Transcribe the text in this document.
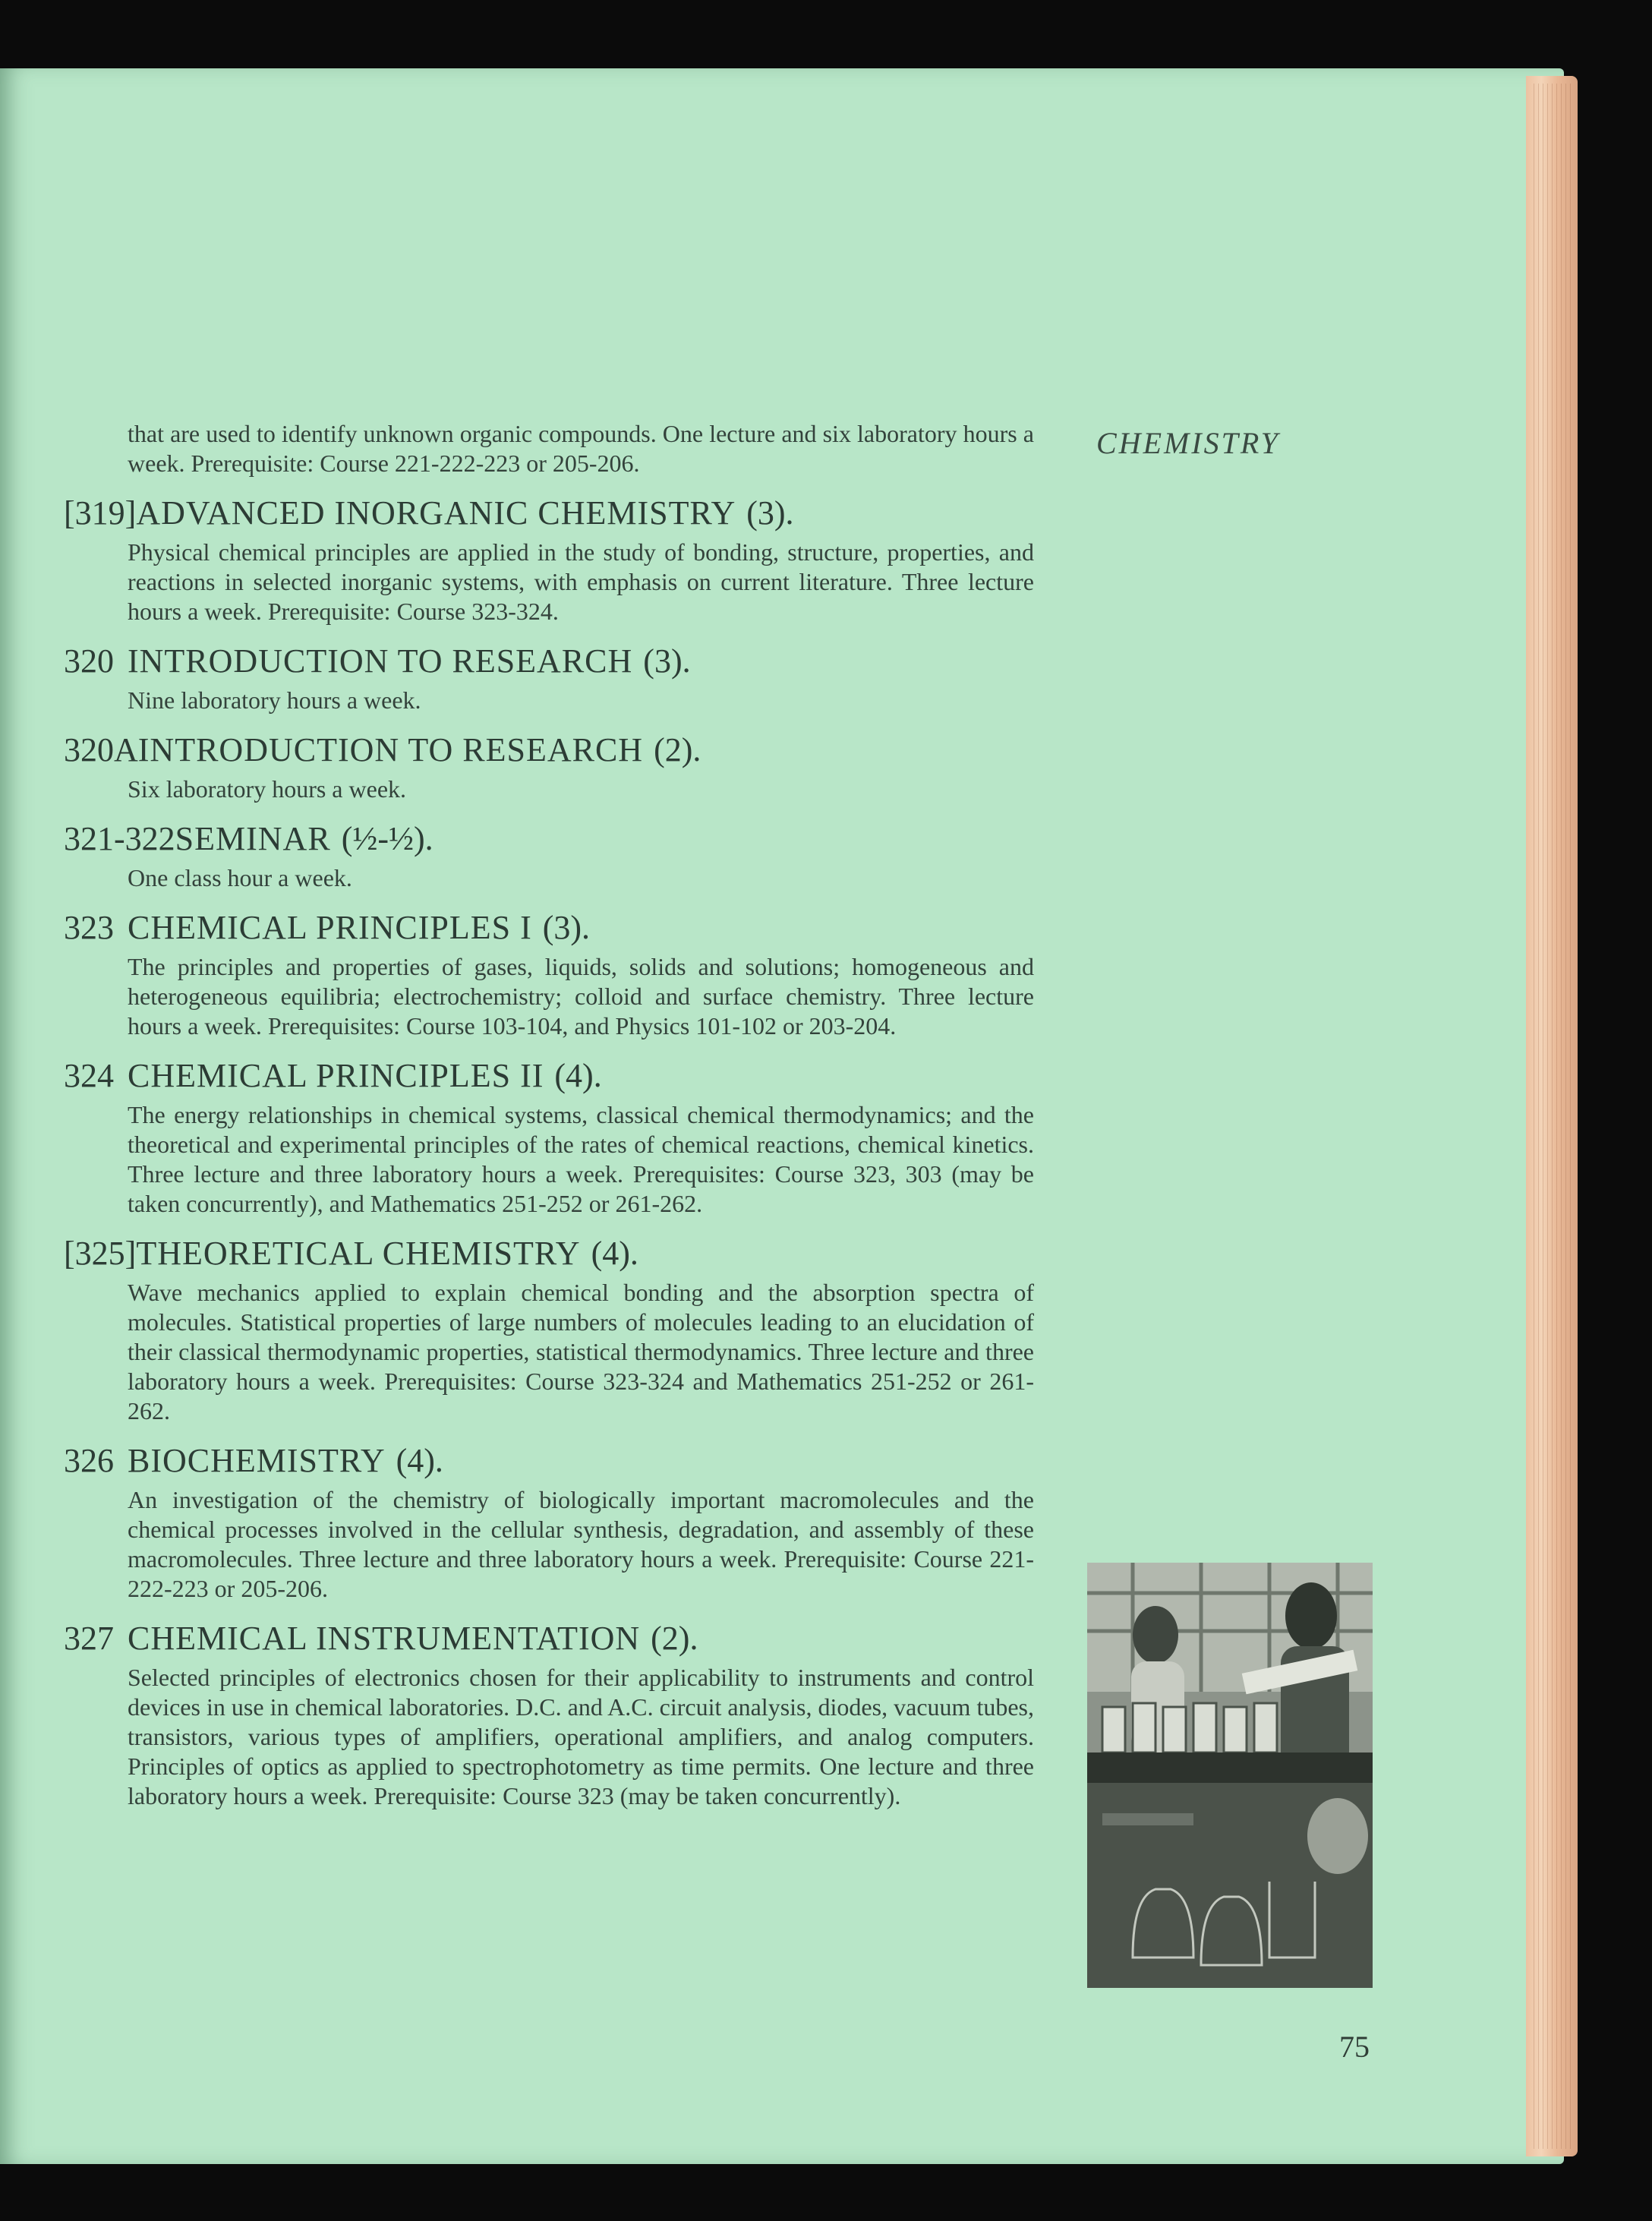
CHEMISTRY

that are used to identify unknown organic compounds. One lecture and six laboratory hours a week. Prerequisite: Course 221-222-223 or 205-206.

[319] ADVANCED INORGANIC CHEMISTRY (3).

Physical chemical principles are applied in the study of bonding, structure, properties, and reactions in selected inorganic systems, with emphasis on current literature. Three lecture hours a week. Prerequisite: Course 323-324.

320 INTRODUCTION TO RESEARCH (3).

Nine laboratory hours a week.

320A INTRODUCTION TO RESEARCH (2).

Six laboratory hours a week.

321-322 SEMINAR (½-½).

One class hour a week.

323 CHEMICAL PRINCIPLES I (3).

The principles and properties of gases, liquids, solids and solutions; homogeneous and heterogeneous equilibria; electrochemistry; colloid and surface chemistry. Three lecture hours a week. Prerequisites: Course 103-104, and Physics 101-102 or 203-204.

324 CHEMICAL PRINCIPLES II (4).

The energy relationships in chemical systems, classical chemical thermodynamics; and the theoretical and experimental principles of the rates of chemical reactions, chemical kinetics. Three lecture and three laboratory hours a week. Prerequisites: Course 323, 303 (may be taken concurrently), and Mathematics 251-252 or 261-262.

[325] THEORETICAL CHEMISTRY (4).

Wave mechanics applied to explain chemical bonding and the absorption spectra of molecules. Statistical properties of large numbers of molecules leading to an elucidation of their classical thermodynamic properties, statistical thermodynamics. Three lecture and three laboratory hours a week. Prerequisites: Course 323-324 and Mathematics 251-252 or 261-262.

326 BIOCHEMISTRY (4).

An investigation of the chemistry of biologically important macromolecules and the chemical processes involved in the cellular synthesis, degradation, and assembly of these macromolecules. Three lecture and three laboratory hours a week. Prerequisite: Course 221-222-223 or 205-206.

327 CHEMICAL INSTRUMENTATION (2).

Selected principles of electronics chosen for their applicability to instruments and control devices in use in chemical laboratories. D.C. and A.C. circuit analysis, diodes, vacuum tubes, transistors, various types of amplifiers, operational amplifiers, and analog computers. Principles of optics as applied to spectrophotometry as time permits. One lecture and three laboratory hours a week. Prerequisite: Course 323 (may be taken concurrently).

75
